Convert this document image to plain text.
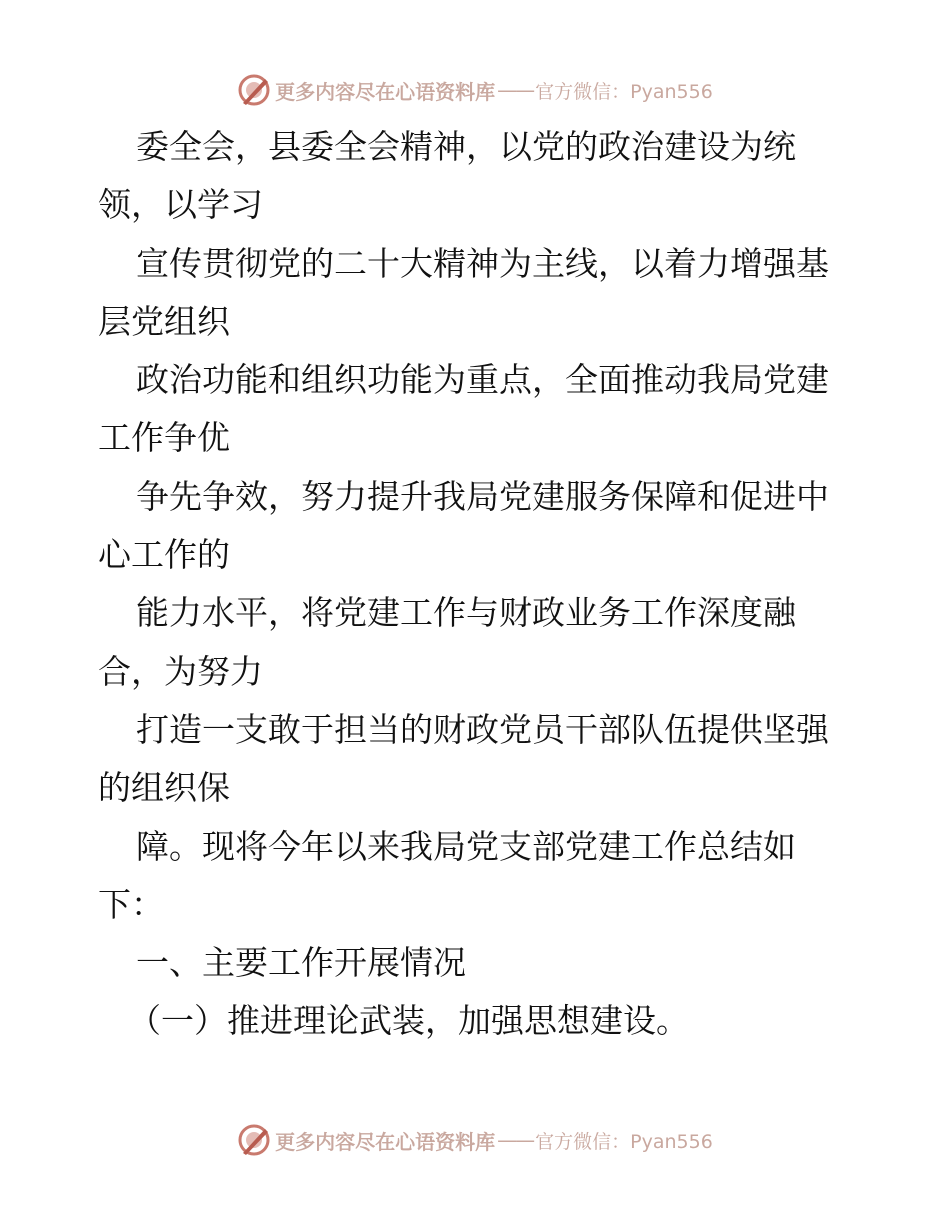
更多内容尽在心语资料库 —— 官方微信：Pyan556
委全会，县委全会精神，以党的政治建设为统
领，以学习
宣传贯彻党的二十大精神为主线，以着力增强基
层党组织
政治功能和组织功能为重点，全面推动我局党建
工作争优
争先争效，努力提升我局党建服务保障和促进中
心工作的
能力水平，将党建工作与财政业务工作深度融
合，为努力
打造一支敢于担当的财政党员干部队伍提供坚强
的组织保
障。现将今年以来我局党支部党建工作总结如
下：
一、主要工作开展情况
（一）推进理论武装，加强思想建设。
更多内容尽在心语资料库 —— 官方微信：Pyan556
